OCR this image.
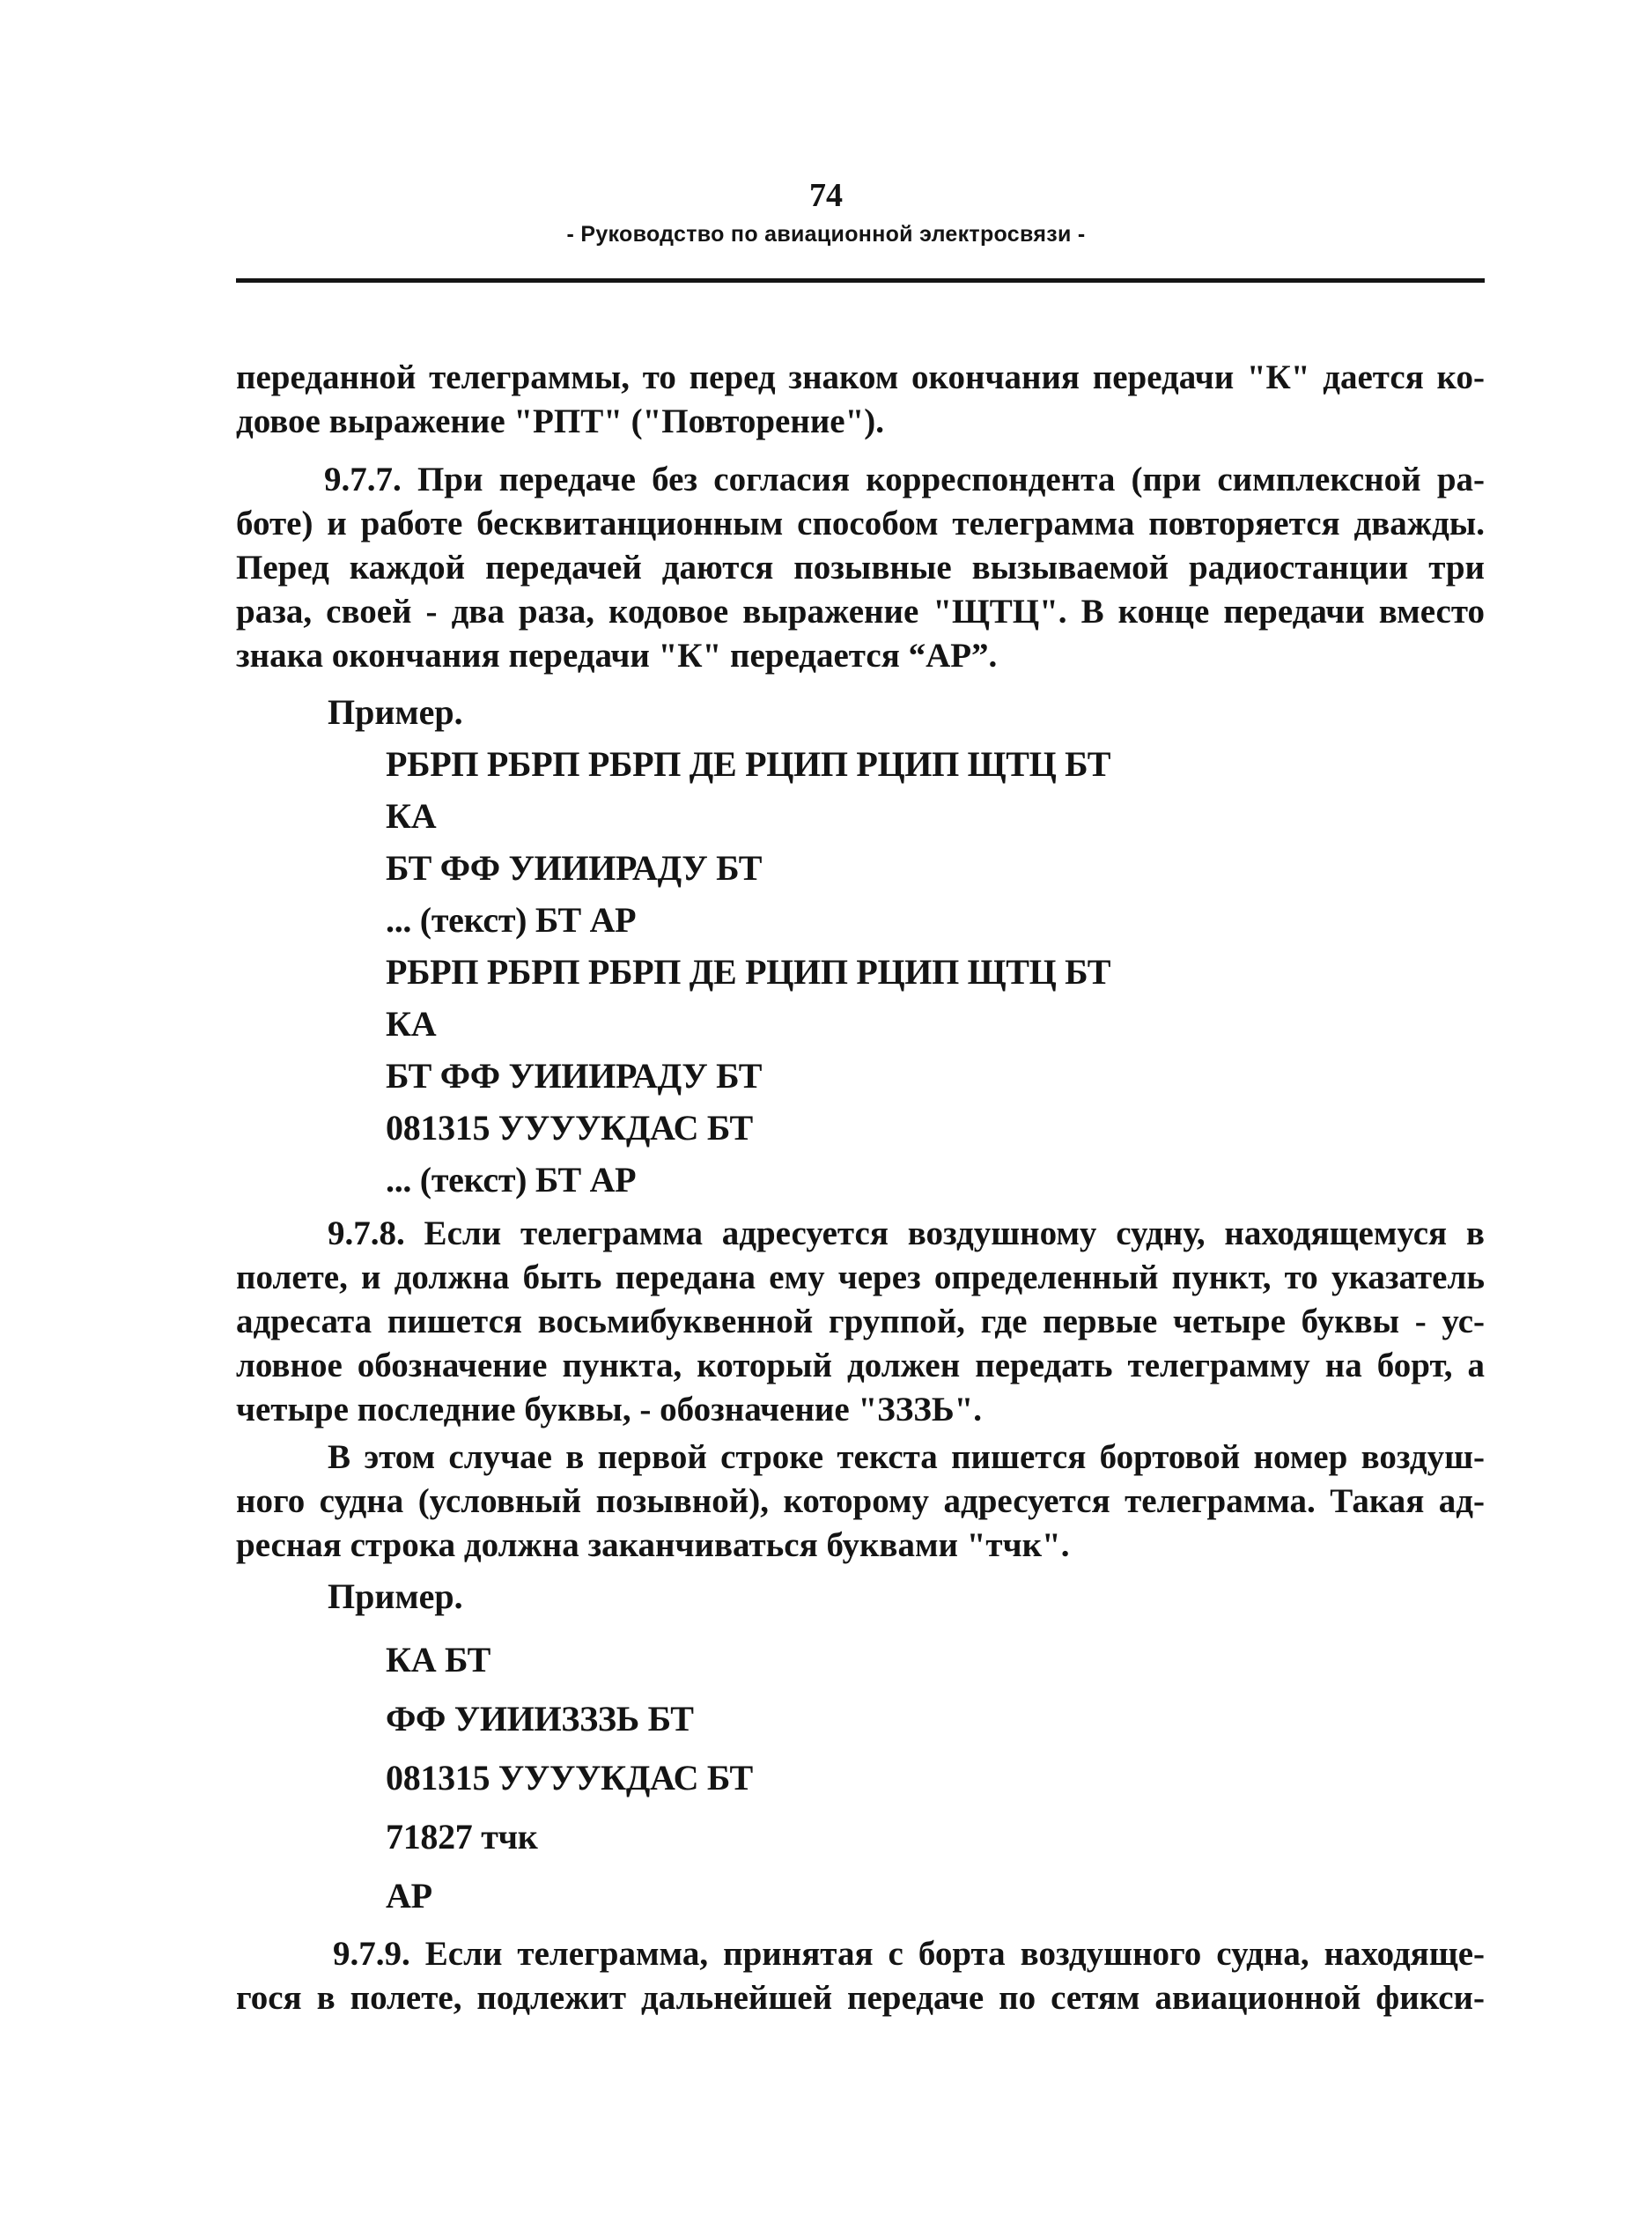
74
- Руководство по авиационной электросвязи -
переданной телеграммы, то перед знаком окончания передачи "К" дается ко-
довое выражение "РПТ" ("Повторение").
9.7.7. При передаче без согласия корреспондента (при симплексной ра-
боте) и работе бесквитанционным способом телеграмма повторяется дважды.
Перед каждой передачей даются позывные вызываемой радиостанции три
раза, своей - два раза, кодовое выражение "ЩТЦ". В конце передачи вместо
знака окончания передачи "К" передается “АР”.
Пример.
РБРП РБРП РБРП ДЕ РЦИП РЦИП ЩТЦ БТ
КА
БТ ФФ УИИИРАДУ БТ
... (текст) БТ АР
РБРП РБРП РБРП ДЕ РЦИП РЦИП ЩТЦ БТ
КА
БТ ФФ УИИИРАДУ БТ
081315 УУУУКДАС БТ
... (текст) БТ АР
9.7.8. Если телеграмма адресуется воздушному судну, находящемуся в
полете, и должна быть передана ему через определенный пункт, то указатель
адресата пишется восьмибуквенной группой, где первые четыре буквы - ус-
ловное обозначение пункта, который должен передать телеграмму на борт, а
четыре последние буквы, - обозначение "ЗЗЗЬ".
В этом случае в первой строке текста пишется бортовой номер воздуш-
ного судна (условный позывной), которому адресуется телеграмма. Такая ад-
ресная строка должна заканчиваться буквами "тчк".
Пример.
КА БТ
ФФ УИИИЗЗЗЬ БТ
081315 УУУУКДАС БТ
71827 тчк
АР
9.7.9. Если телеграмма, принятая с борта воздушного судна, находяще-
гося в полете, подлежит дальнейшей передаче по сетям авиационной фикси-
